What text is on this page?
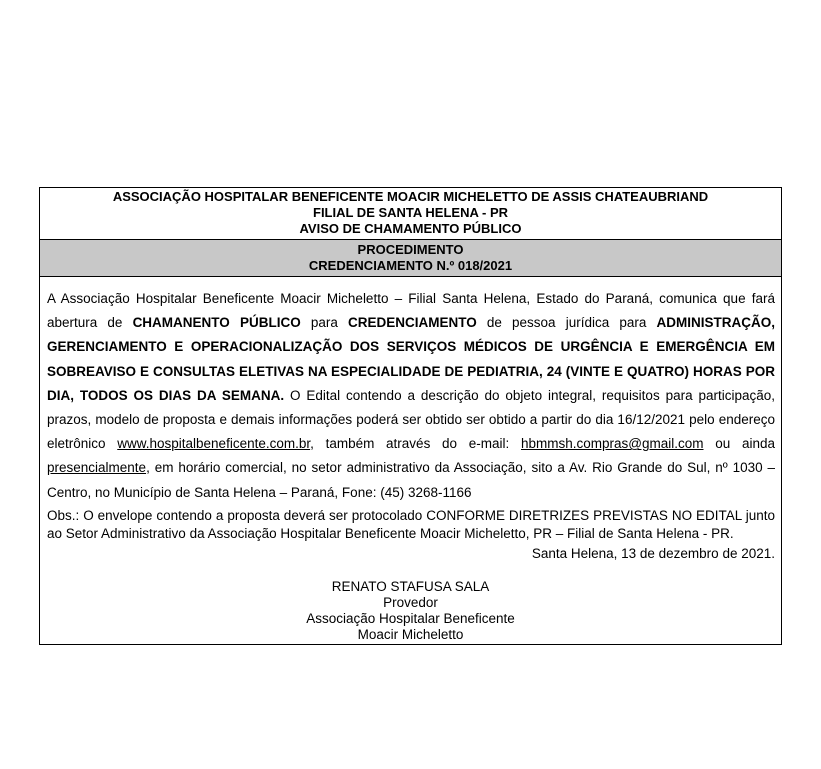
ASSOCIAÇÃO HOSPITALAR BENEFICENTE MOACIR MICHELETTO DE ASSIS CHATEAUBRIAND
FILIAL DE SANTA HELENA - PR
AVISO DE CHAMAMENTO PÚBLICO
PROCEDIMENTO
CREDENCIAMENTO N.º 018/2021

A Associação Hospitalar Beneficente Moacir Micheletto – Filial Santa Helena, Estado do Paraná, comunica que fará abertura de CHAMANENTO PÚBLICO para CREDENCIAMENTO de pessoa jurídica para ADMINISTRAÇÃO, GERENCIAMENTO E OPERACIONALIZAÇÃO DOS SERVIÇOS MÉDICOS DE URGÊNCIA E EMERGÊNCIA EM SOBREAVISO E CONSULTAS ELETIVAS NA ESPECIALIDADE DE PEDIATRIA, 24 (VINTE E QUATRO) HORAS POR DIA, TODOS OS DIAS DA SEMANA. O Edital contendo a descrição do objeto integral, requisitos para participação, prazos, modelo de proposta e demais informações poderá ser obtido ser obtido a partir do dia 16/12/2021 pelo endereço eletrônico www.hospitalbeneficente.com.br, também através do e-mail: hbmmsh.compras@gmail.com ou ainda presencialmente, em horário comercial, no setor administrativo da Associação, sito a Av. Rio Grande do Sul, nº 1030 – Centro, no Município de Santa Helena – Paraná, Fone: (45) 3268-1166

Obs.: O envelope contendo a proposta deverá ser protocolado CONFORME DIRETRIZES PREVISTAS NO EDITAL junto ao Setor Administrativo da Associação Hospitalar Beneficente Moacir Micheletto, PR – Filial de Santa Helena - PR.

Santa Helena, 13 de dezembro de 2021.

RENATO STAFUSA SALA
Provedor
Associação Hospitalar Beneficente
Moacir Micheletto
